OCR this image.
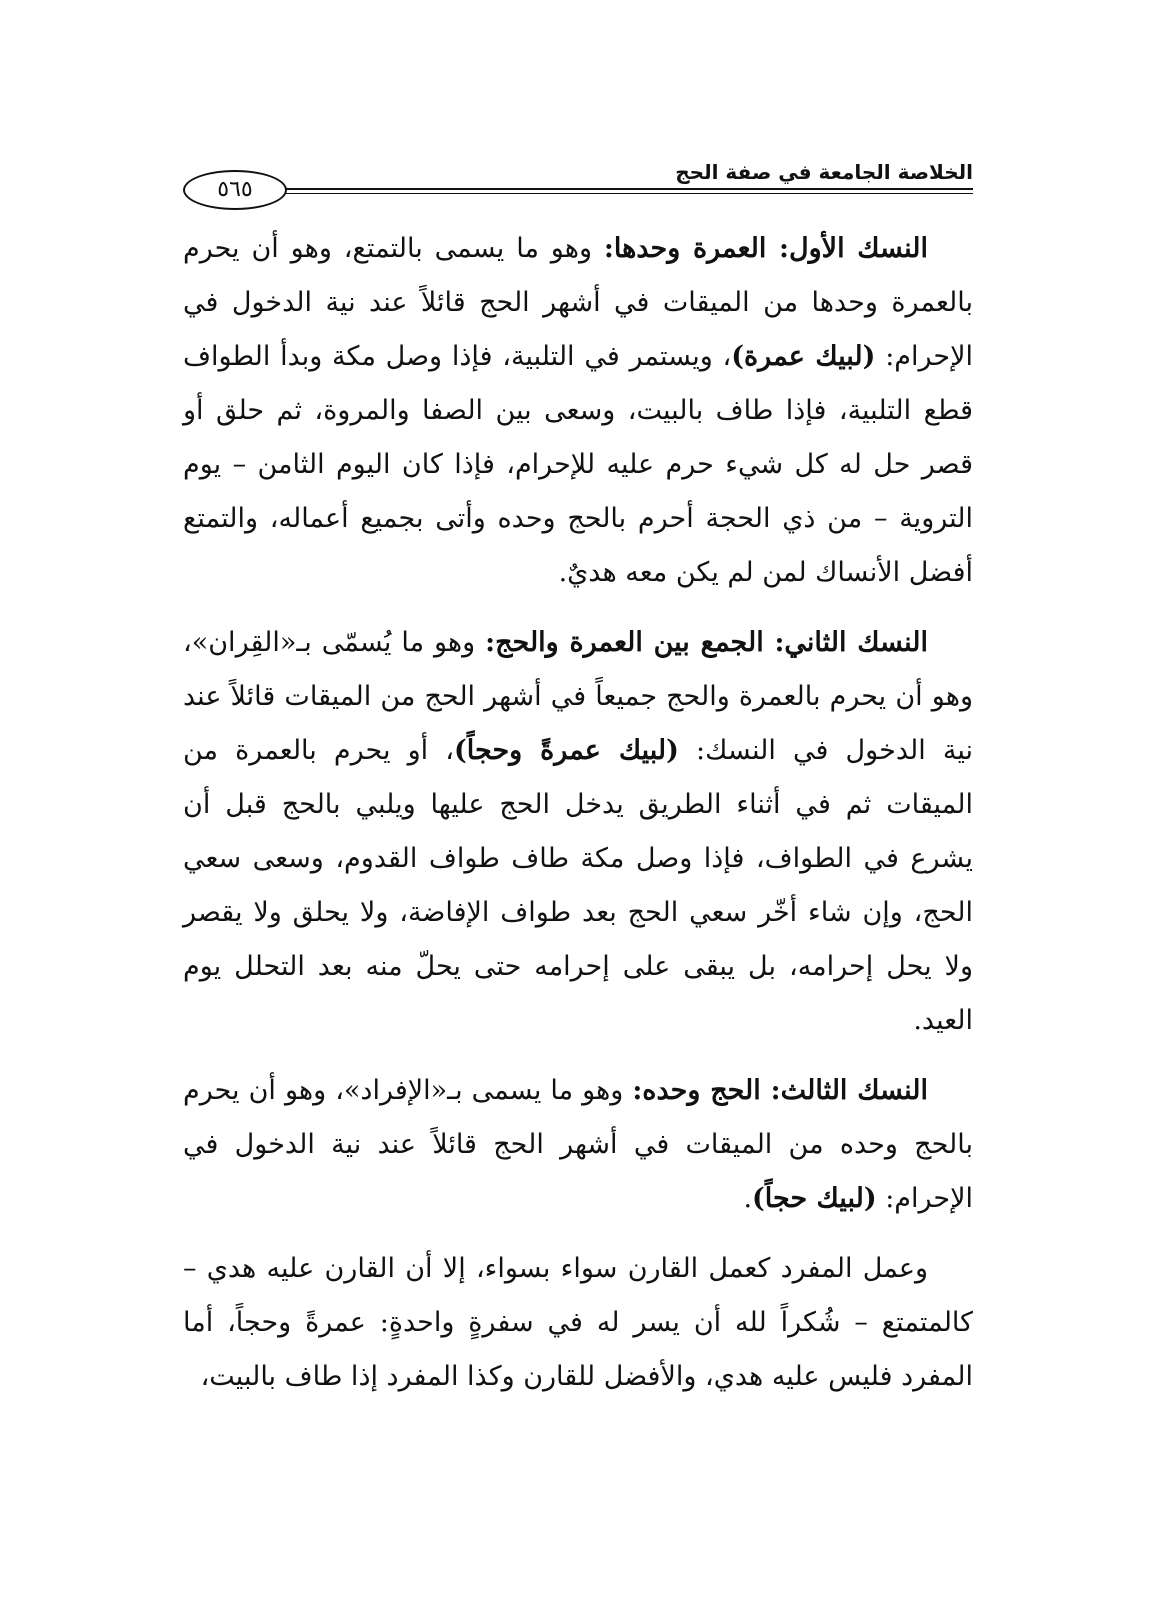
الخلاصة الجامعة في صفة الحج
٥٦٥

النسك الأول: العمرة وحدها: وهو ما يسمى بالتمتع، وهو أن يحرم بالعمرة وحدها من الميقات في أشهر الحج قائلاً عند نية الدخول في الإحرام: (لبيك عمرة)، ويستمر في التلبية، فإذا وصل مكة وبدأ الطواف قطع التلبية، فإذا طاف بالبيت، وسعى بين الصفا والمروة، ثم حلق أو قصر حل له كل شيء حرم عليه للإحرام، فإذا كان اليوم الثامن – يوم التروية – من ذي الحجة أحرم بالحج وحده وأتى بجميع أعماله، والتمتع أفضل الأنساك لمن لم يكن معه هديٌ.

النسك الثاني: الجمع بين العمرة والحج: وهو ما يُسمّى بـ«القِران»، وهو أن يحرم بالعمرة والحج جميعاً في أشهر الحج من الميقات قائلاً عند نية الدخول في النسك: (لبيك عمرةً وحجاً)، أو يحرم بالعمرة من الميقات ثم في أثناء الطريق يدخل الحج عليها ويلبي بالحج قبل أن يشرع في الطواف، فإذا وصل مكة طاف طواف القدوم، وسعى سعي الحج، وإن شاء أخّر سعي الحج بعد طواف الإفاضة، ولا يحلق ولا يقصر ولا يحل إحرامه، بل يبقى على إحرامه حتى يحلّ منه بعد التحلل يوم العيد.

النسك الثالث: الحج وحده: وهو ما يسمى بـ«الإفراد»، وهو أن يحرم بالحج وحده من الميقات في أشهر الحج قائلاً عند نية الدخول في الإحرام: (لبيك حجاً).

وعمل المفرد كعمل القارن سواء بسواء، إلا أن القارن عليه هدي – كالمتمتع – شُكراً لله أن يسر له في سفرةٍ واحدةٍ: عمرةً وحجاً، أما المفرد فليس عليه هدي، والأفضل للقارن وكذا المفرد إذا طاف بالبيت،
